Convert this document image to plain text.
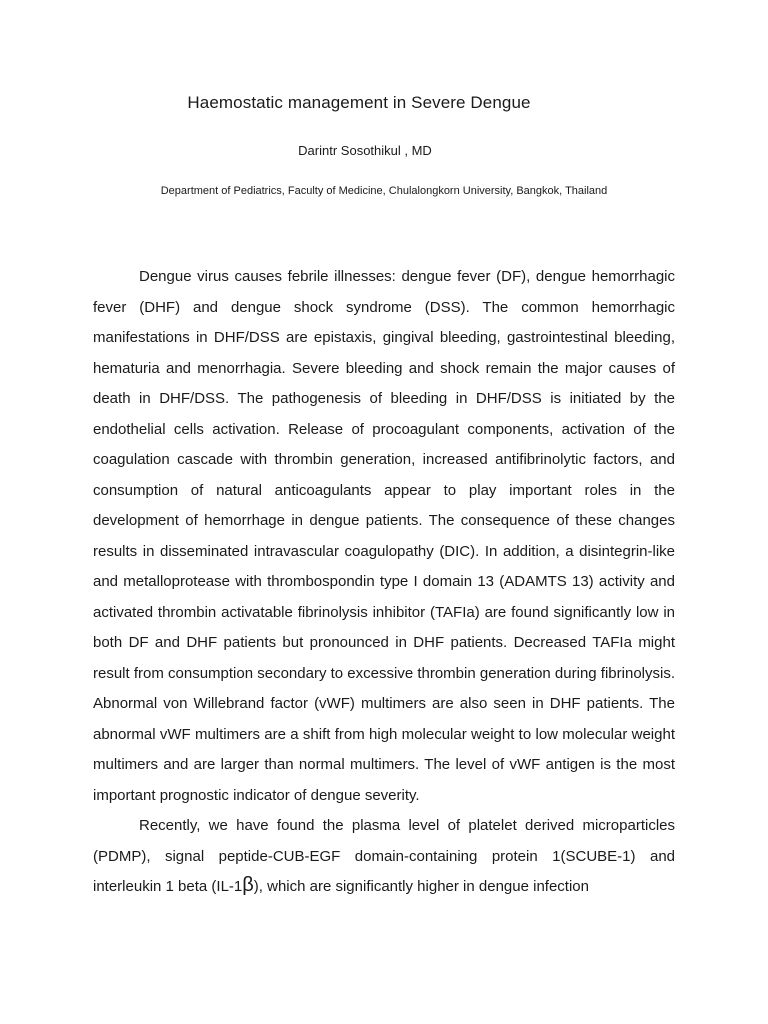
Haemostatic management in Severe Dengue

Darintr Sosothikul , MD

Department of Pediatrics, Faculty of Medicine, Chulalongkorn University, Bangkok, Thailand

Dengue virus causes febrile illnesses: dengue fever (DF), dengue hemorrhagic fever (DHF) and dengue shock syndrome (DSS). The common hemorrhagic manifestations in DHF/DSS are epistaxis, gingival bleeding, gastrointestinal bleeding, hematuria and menorrhagia. Severe bleeding and shock remain the major causes of death in DHF/DSS. The pathogenesis of bleeding in DHF/DSS is initiated by the endothelial cells activation. Release of procoagulant components, activation of the coagulation cascade with thrombin generation, increased antifibrinolytic factors, and consumption of natural anticoagulants appear to play important roles in the development of hemorrhage in dengue patients. The consequence of these changes results in disseminated intravascular coagulopathy (DIC). In addition, a disintegrin-like and metalloprotease with thrombospondin type I domain 13 (ADAMTS 13) activity and activated thrombin activatable fibrinolysis inhibitor (TAFIa) are found significantly low in both DF and DHF patients but pronounced in DHF patients. Decreased TAFIa might result from consumption secondary to excessive thrombin generation during fibrinolysis. Abnormal von Willebrand factor (vWF) multimers are also seen in DHF patients. The abnormal vWF multimers are a shift from high molecular weight to low molecular weight multimers and are larger than normal multimers. The level of vWF antigen is the most important prognostic indicator of dengue severity.

Recently, we have found the plasma level of platelet derived microparticles (PDMP), signal peptide-CUB-EGF domain-containing protein 1(SCUBE-1) and interleukin 1 beta (IL-1β), which are significantly higher in dengue infection
